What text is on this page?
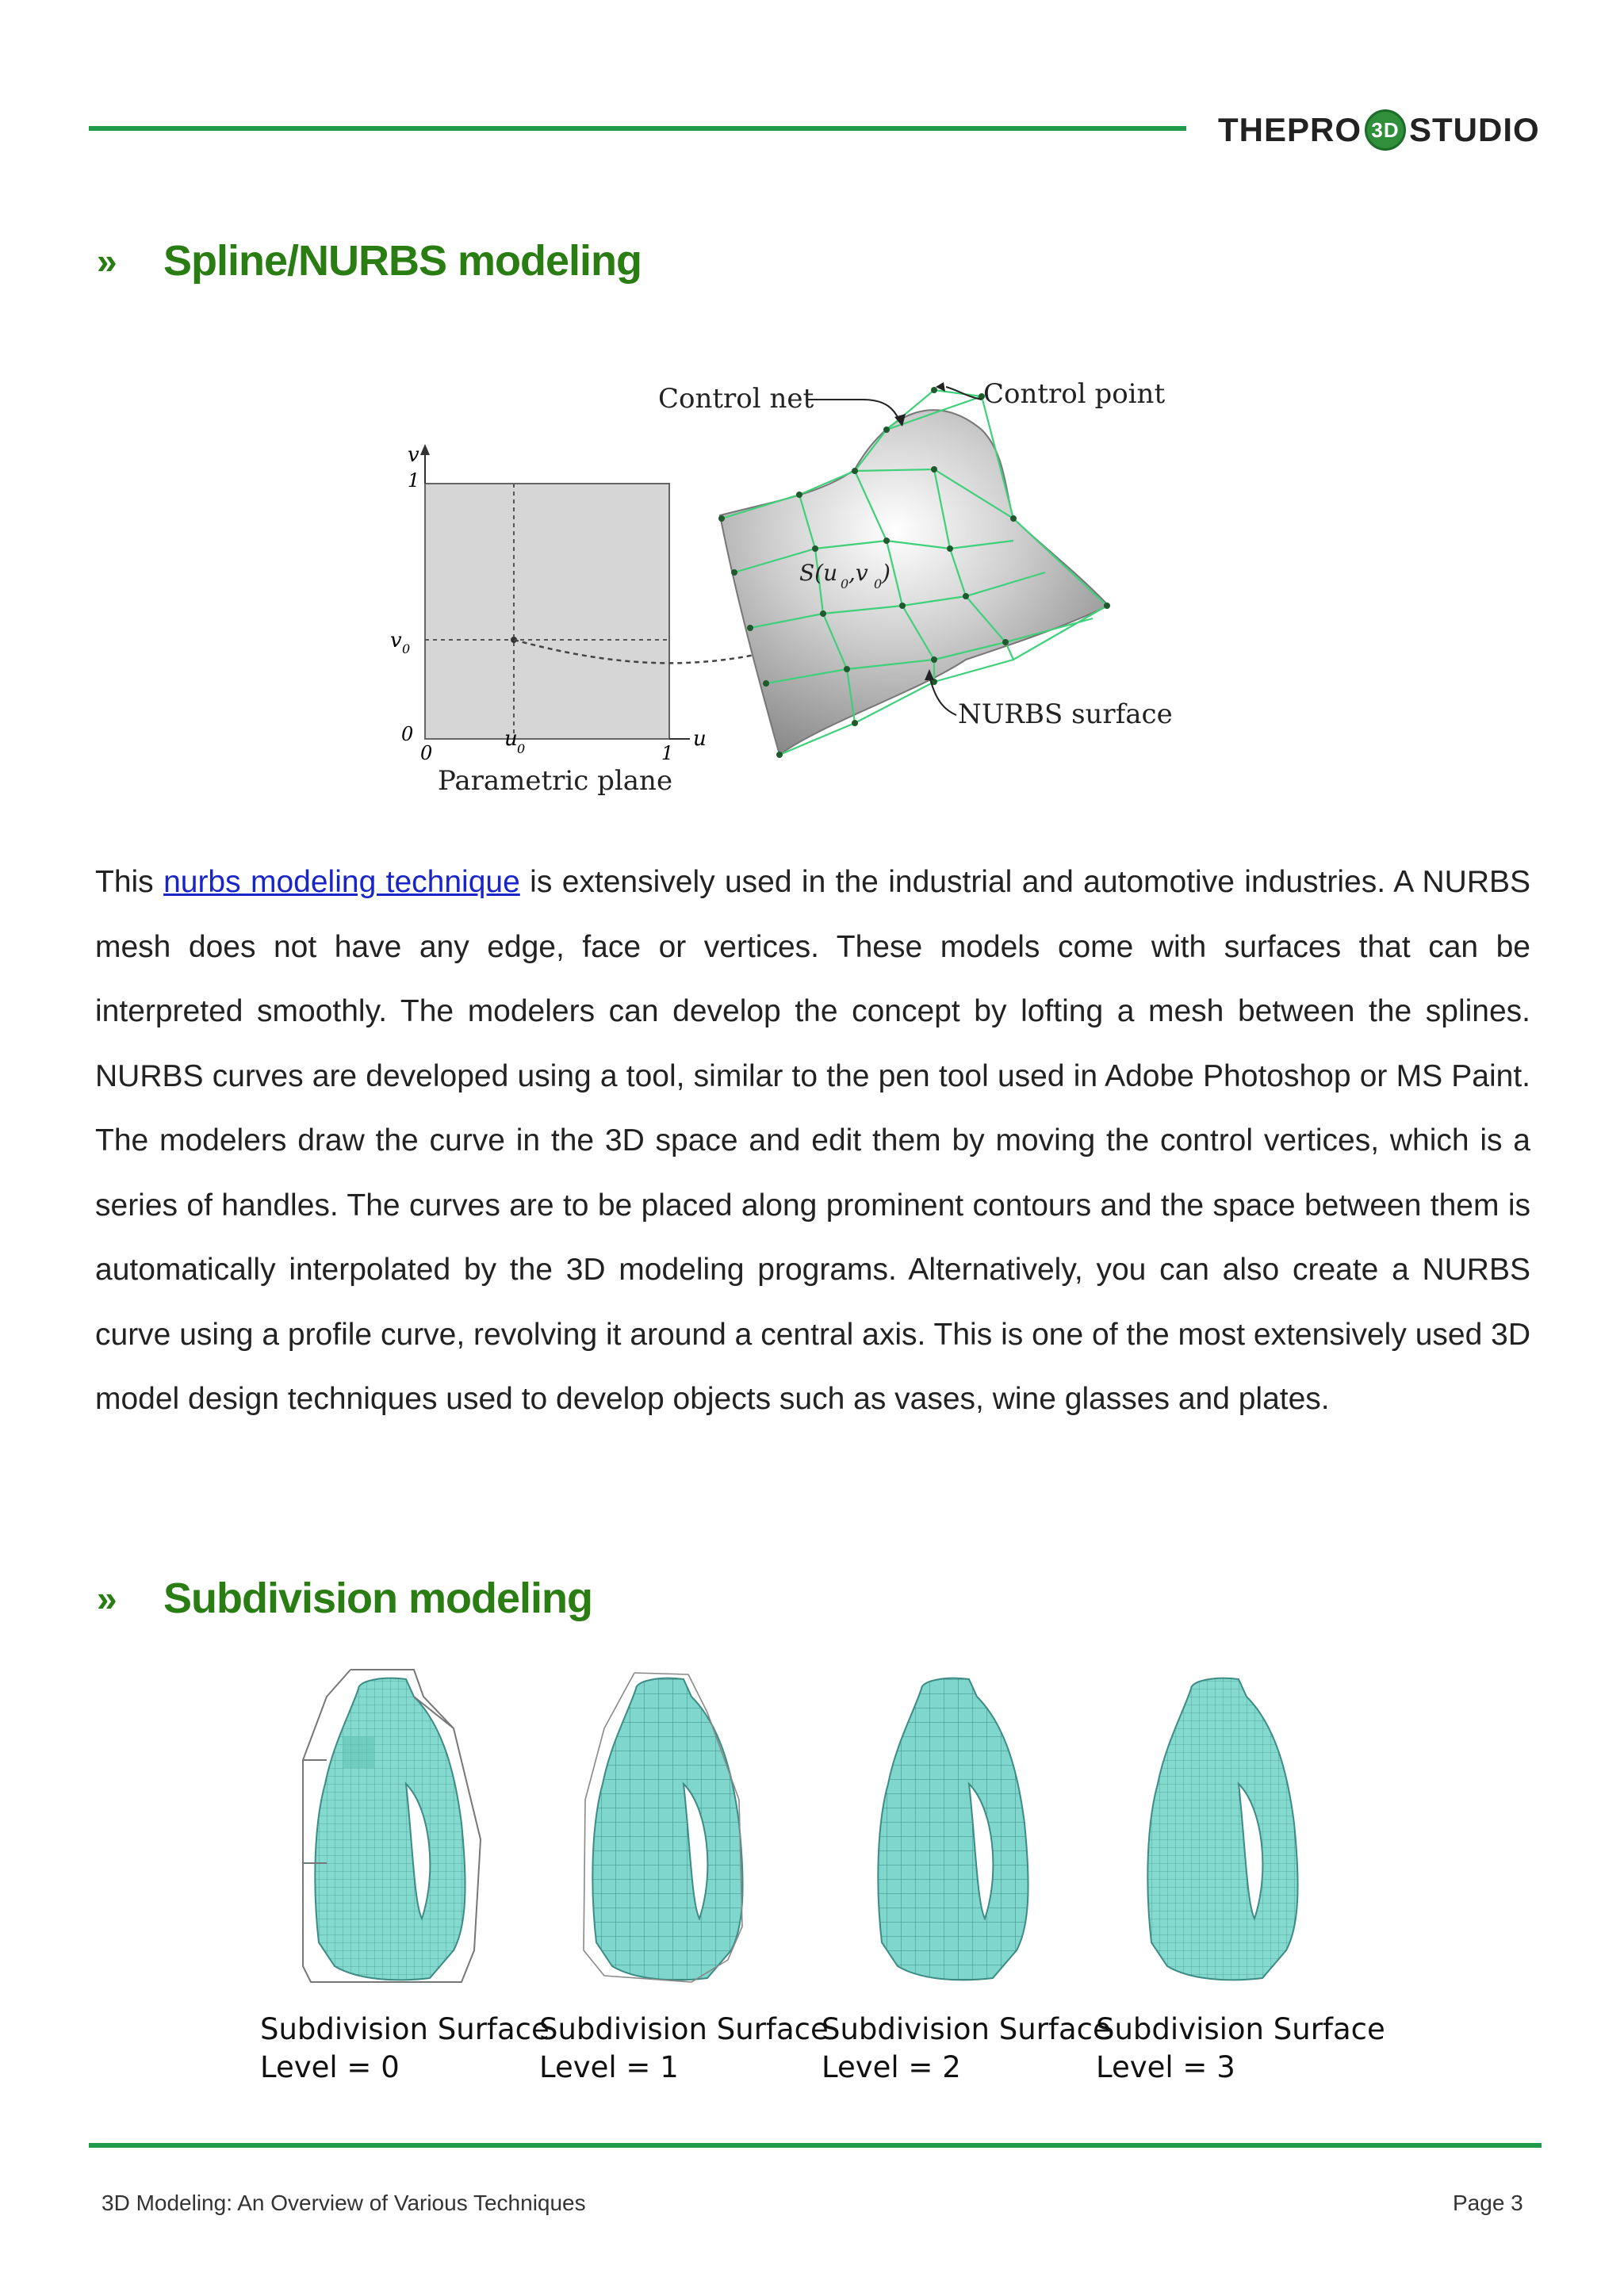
THEPRO 3D STUDIO
»	Spline/NURBS modeling
v
1
v 0
0
0
u 0	1
u
Parametric plane
Control net	Control point
NURBS surface
S(u 0 ,v 0 )
This nurbs modeling technique is extensively used in the industrial and automotive industries. A NURBS mesh does not have any edge, face or vertices. These models come with surfaces that can be interpreted smoothly. The modelers can develop the concept by lofting a mesh between the splines. NURBS curves are developed using a tool, similar to the pen tool used in Adobe Photoshop or MS Paint. The modelers draw the curve in the 3D space and edit them by moving the control vertices, which is a series of handles. The curves are to be placed along prominent contours and the space between them is automatically interpolated by the 3D modeling programs. Alternatively, you can also create a NURBS curve using a profile curve, revolving it around a central axis. This is one of the most extensively used 3D model design techniques used to develop objects such as vases, wine glasses and plates.
»	Subdivision modeling
Subdivision Surface
Level = 0
Subdivision Surface
Level = 1
Subdivision Surface
Level = 2
Subdivision Surface
Level = 3
3D Modeling: An Overview of Various Techniques	Page 3
